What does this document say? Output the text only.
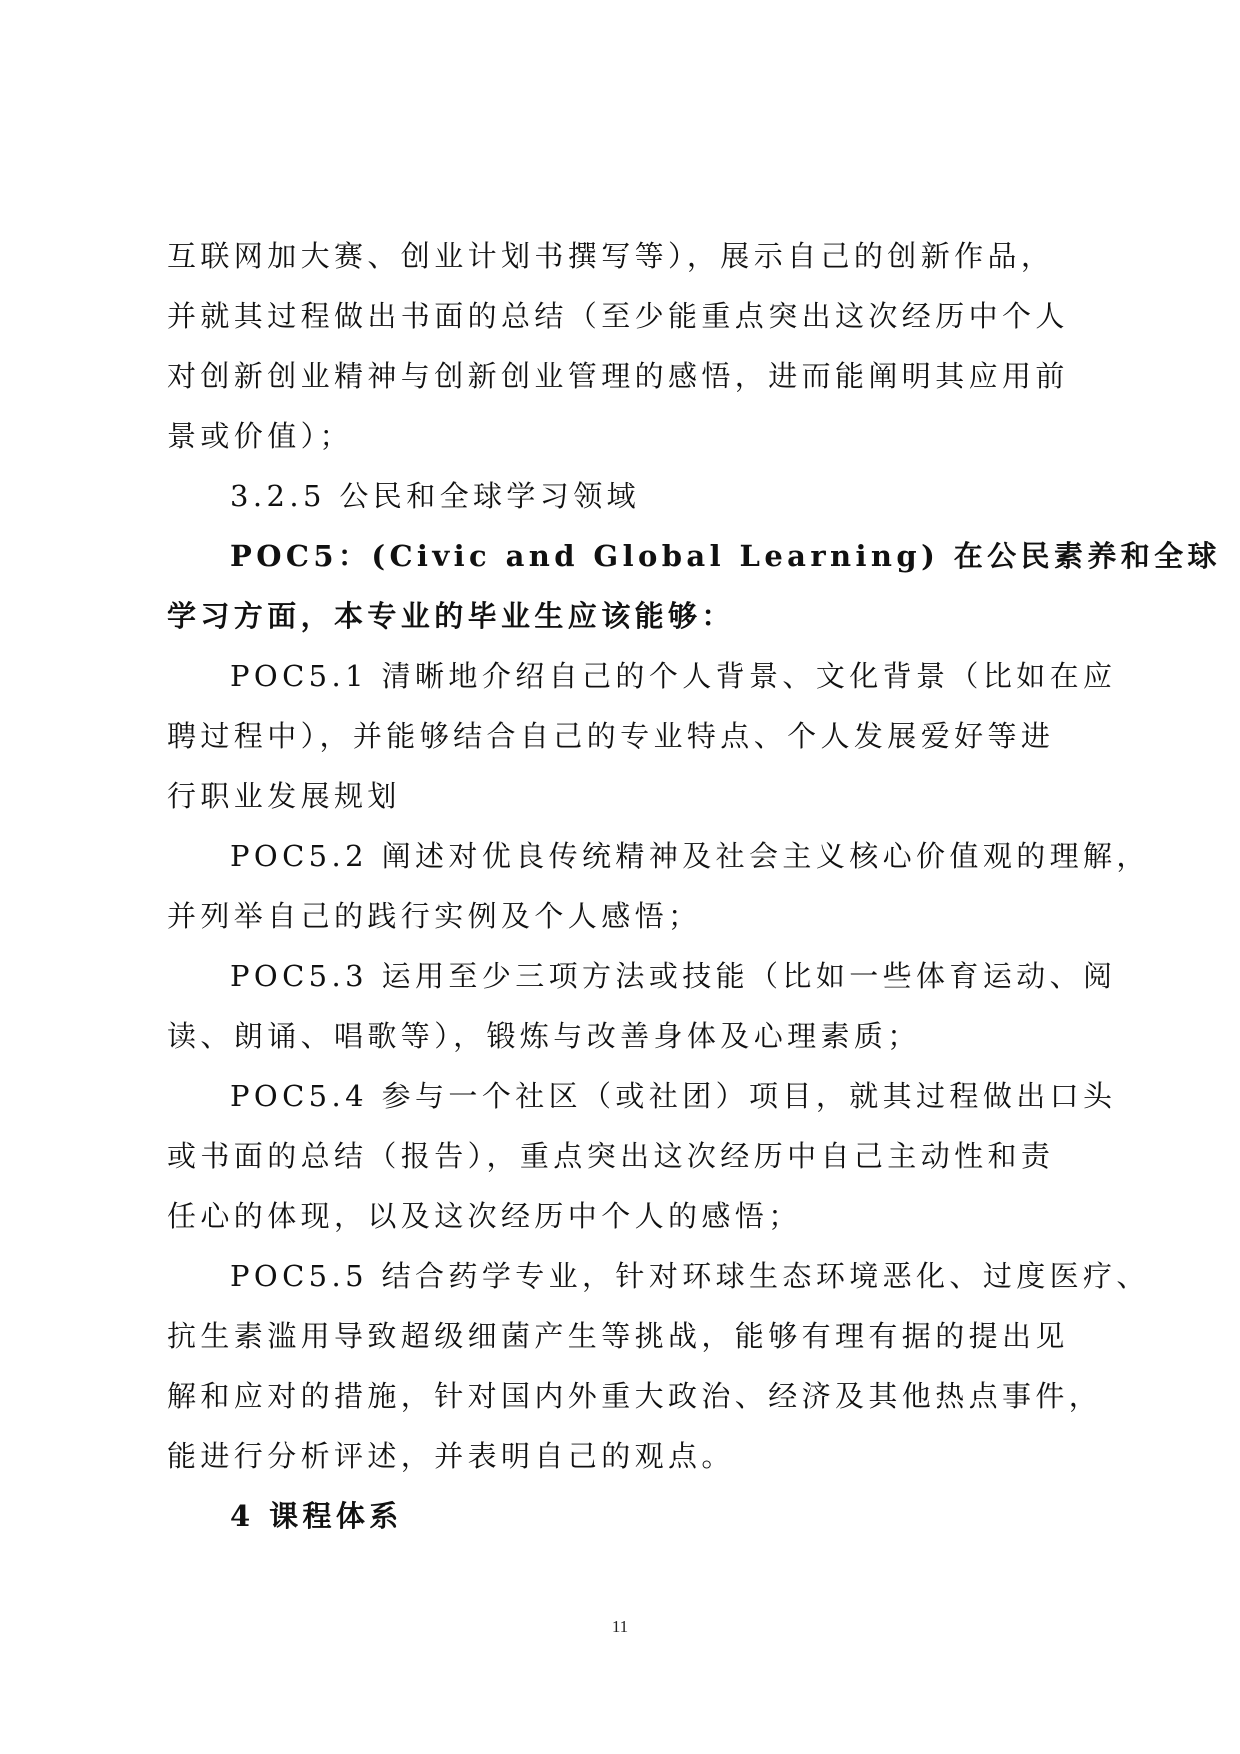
互联网加大赛、创业计划书撰写等），展示自己的创新作品，
并就其过程做出书面的总结（至少能重点突出这次经历中个人
对创新创业精神与创新创业管理的感悟，进而能阐明其应用前
景或价值）；
3.2.5 公民和全球学习领域
POC5：(Civic and Global Learning) 在公民素养和全球
学习方面，本专业的毕业生应该能够：
POC5.1 清晰地介绍自己的个人背景、文化背景（比如在应
聘过程中），并能够结合自己的专业特点、个人发展爱好等进
行职业发展规划
POC5.2 阐述对优良传统精神及社会主义核心价值观的理解，
并列举自己的践行实例及个人感悟；
POC5.3 运用至少三项方法或技能（比如一些体育运动、阅
读、朗诵、唱歌等），锻炼与改善身体及心理素质；
POC5.4 参与一个社区（或社团）项目，就其过程做出口头
或书面的总结（报告），重点突出这次经历中自己主动性和责
任心的体现，以及这次经历中个人的感悟；
POC5.5 结合药学专业，针对环球生态环境恶化、过度医疗、
抗生素滥用导致超级细菌产生等挑战，能够有理有据的提出见
解和应对的措施，针对国内外重大政治、经济及其他热点事件，
能进行分析评述，并表明自己的观点。
4 课程体系
11
